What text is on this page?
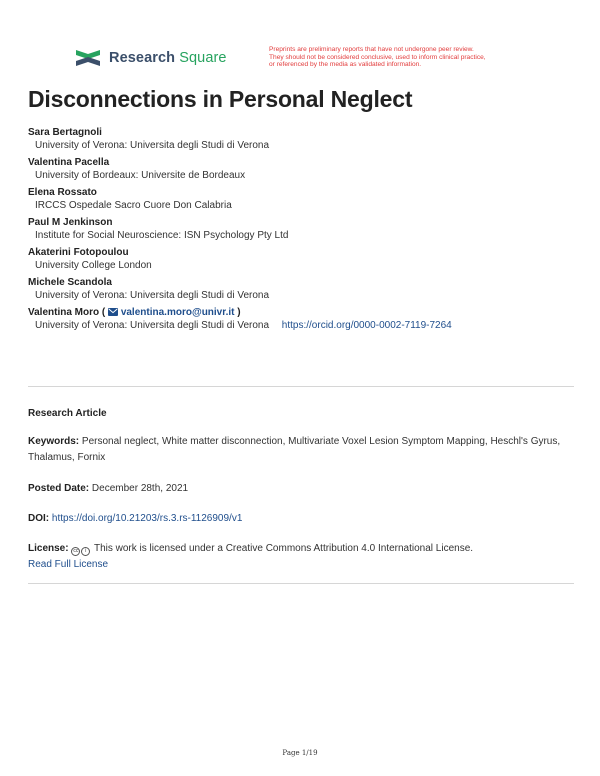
Research Square
Preprints are preliminary reports that have not undergone peer review.
They should not be considered conclusive, used to inform clinical practice,
or referenced by the media as validated information.
Disconnections in Personal Neglect
Sara Bertagnoli
University of Verona: Universita degli Studi di Verona
Valentina Pacella
University of Bordeaux: Universite de Bordeaux
Elena Rossato
IRCCS Ospedale Sacro Cuore Don Calabria
Paul M Jenkinson
Institute for Social Neuroscience: ISN Psychology Pty Ltd
Akaterini Fotopoulou
University College London
Michele Scandola
University of Verona: Universita degli Studi di Verona
Valentina Moro ( valentina.moro@univr.it )
University of Verona: Universita degli Studi di Verona https://orcid.org/0000-0002-7119-7264
Research Article
Keywords: Personal neglect, White matter disconnection, Multivariate Voxel Lesion Symptom Mapping, Heschl's Gyrus, Thalamus, Fornix
Posted Date: December 28th, 2021
DOI: https://doi.org/10.21203/rs.3.rs-1126909/v1
License: cc i This work is licensed under a Creative Commons Attribution 4.0 International License.
Read Full License
Page 1/19
